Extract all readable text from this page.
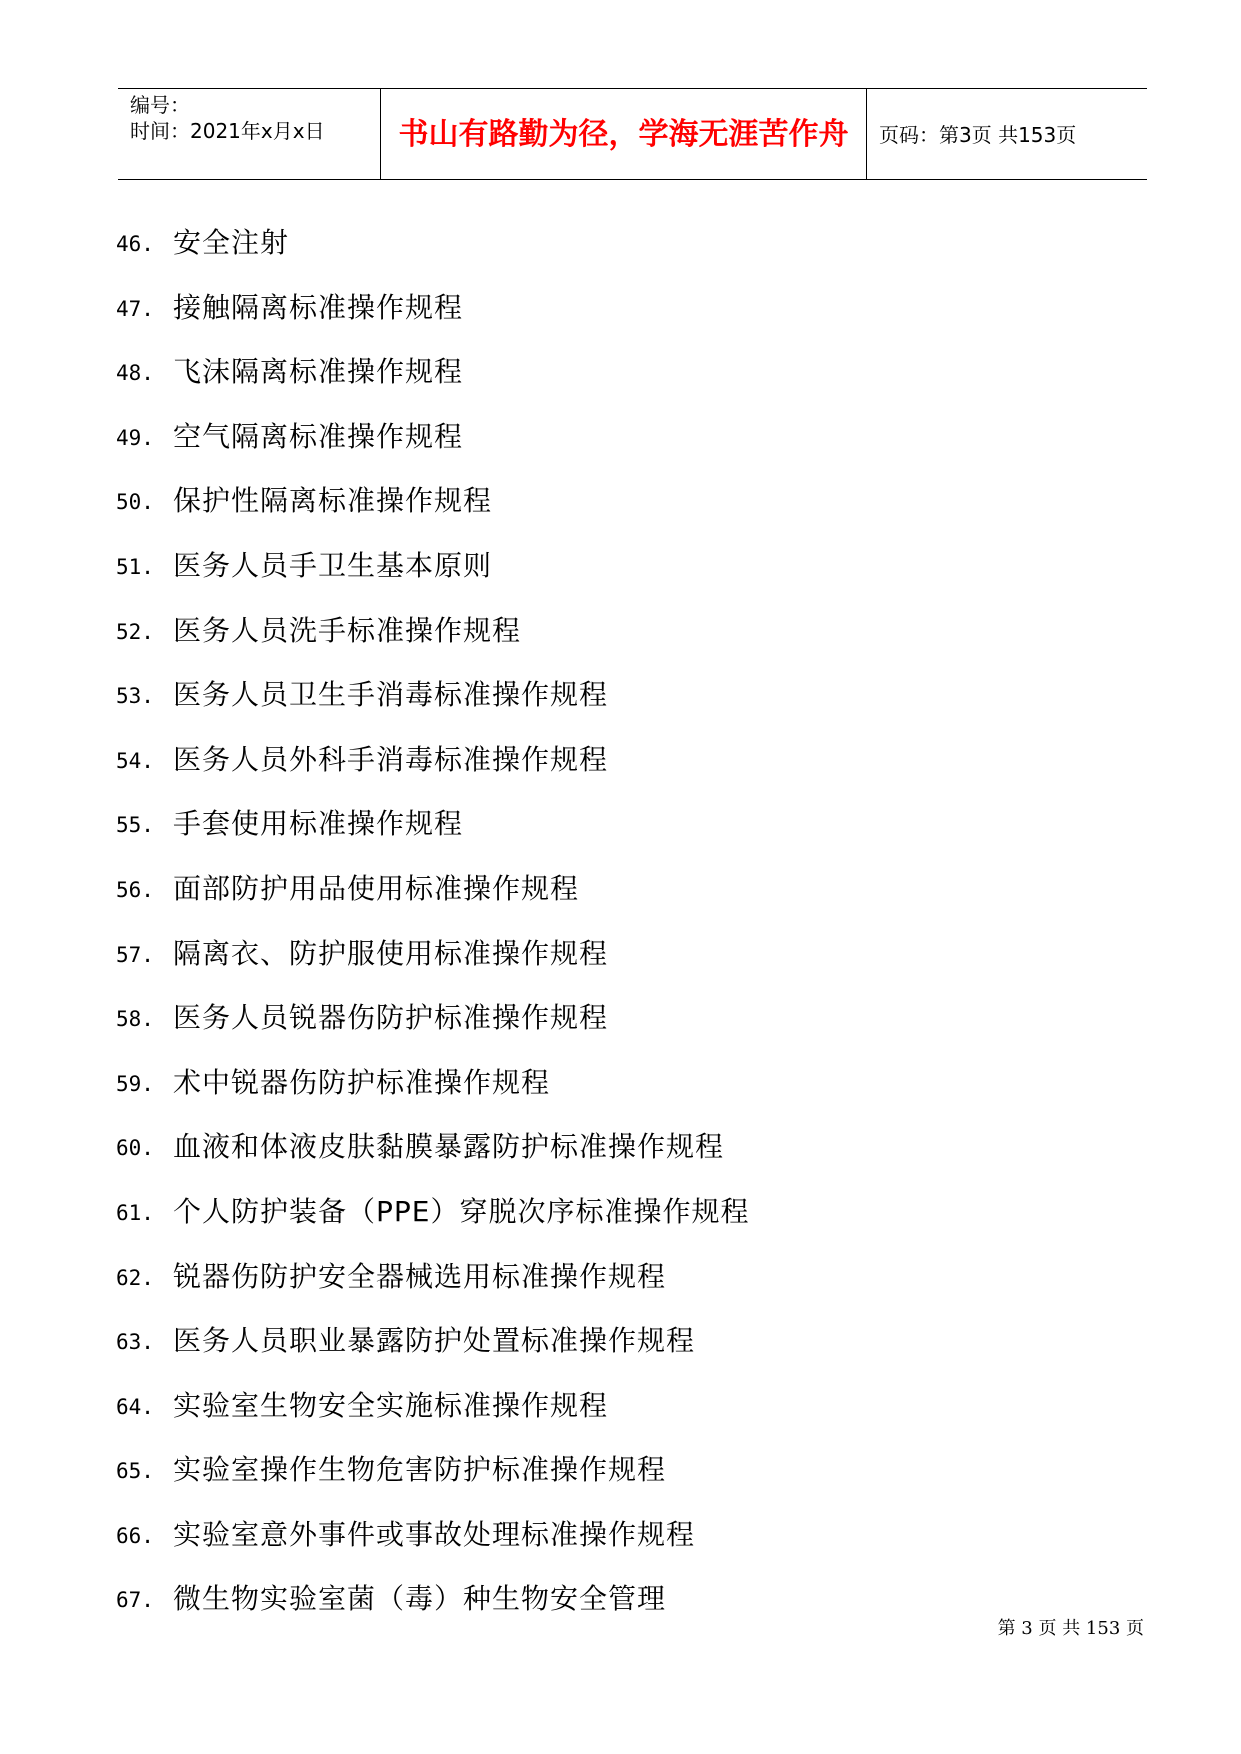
编号：
时间：2021年x月x日	书山有路勤为径，学海无涯苦作舟	页码：第3页 共153页
46. 安全注射
47. 接触隔离标准操作规程
48. 飞沫隔离标准操作规程
49. 空气隔离标准操作规程
50. 保护性隔离标准操作规程
51. 医务人员手卫生基本原则
52. 医务人员洗手标准操作规程
53. 医务人员卫生手消毒标准操作规程
54. 医务人员外科手消毒标准操作规程
55. 手套使用标准操作规程
56. 面部防护用品使用标准操作规程
57. 隔离衣、防护服使用标准操作规程
58. 医务人员锐器伤防护标准操作规程
59. 术中锐器伤防护标准操作规程
60. 血液和体液皮肤黏膜暴露防护标准操作规程
61. 个人防护装备（PPE）穿脱次序标准操作规程
62. 锐器伤防护安全器械选用标准操作规程
63. 医务人员职业暴露防护处置标准操作规程
64. 实验室生物安全实施标准操作规程
65. 实验室操作生物危害防护标准操作规程
66. 实验室意外事件或事故处理标准操作规程
67. 微生物实验室菌（毒）种生物安全管理
第 3 页 共 153 页
